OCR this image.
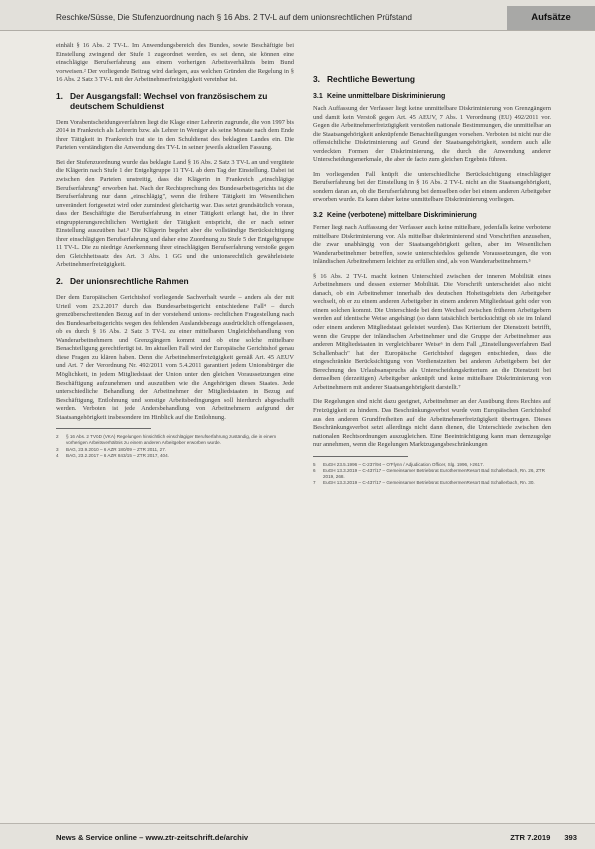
Reschke/Süsse, Die Stufenzuordnung nach § 16 Abs. 2 TV-L auf dem unionsrechtlichen Prüfstand	Aufsätze

einhält § 16 Abs. 2 TV-L. Im Anwendungsbereich des Bundes, sowie Beschäftigte bei Einstellung zwingend der Stufe 1 zugeordnet werden, es sei denn, sie können eine einschlägige Berufserfahrung aus einem vorherigen Arbeitsverhältnis beim Bund vorweisen.² Der vorliegende Beitrag wird darlegen, aus welchen Gründen die Regelung in § 16 Abs. 2 Satz 3 TV-L mit der Arbeitnehmerfreizügigkeit vereinbar ist.

1. Der Ausgangsfall: Wechsel von französischem zu deutschem Schuldienst

Dem Vorabentscheidungsverfahren liegt die Klage einer Lehrerin zugrunde, die von 1997 bis 2014 in Frankreich als Lehrerin bzw. als Lehrer in Weniger als seine Monate nach dem Ende ihrer Tätigkeit in Frankreich trat sie in den Schuldienst des beklagten Landes ein. Die Parteien verständigten die Anwendung des TV-L in seiner jeweils aktuellen Fassung.

Bei der Stufenzuordnung wurde das beklagte Land § 16 Abs. 2 Satz 3 TV-L an und vergütete die Klägerin nach Stufe 1 der Entgeltgruppe 11 TV-L ab dem Tag der Einstellung. Dabei ist zwischen den Parteien unstreitig, dass die Klägerin in Frankreich „einschlägige Berufserfahrung" erworben hat. Nach der Rechtsprechung des Bundesarbeitsgerichts ist die Berufserfahrung nur dann „einschlägig", wenn die frühere Tätigkeit im Wesentlichen unverändert fortgesetzt wird oder zumindest gleichartig war. Das setzt grundsätzlich voraus, dass der Beschäftigte die Berufserfahrung in einer Tätigkeit erlangt hat, die in ihrer eingruppierungsrechtlichen Wertigkeit der Tätigkeit entspricht, die er nach seiner Einstellung auszuüben hat.³ Die Klägerin begehrt aber die vollständige Berücksichtigung ihrer einschlägigen Berufserfahrung und daher eine Zuordnung zu Stufe 5 der Entgeltgruppe 11 TV-L. Die zu niedrige Anerkennung ihrer einschlägigen Berufserfahrung verstoße gegen den Gleichheitssatz des Art. 3 Abs. 1 GG und die unionsrechtlich gewährleistete Arbeitnehmerfreizügigkeit.

2. Der unionsrechtliche Rahmen

Der dem Europäischen Gerichtshof vorliegende Sachverhalt wurde – anders als der mit Urteil vom 23.2.2017 durch das Bundesarbeitsgericht entschiedene Fall⁴ – durch grenzüberschreitenden Bezug auf in der vorstehend unions- rechtlichen Fragestellung nach des Bundesarbeitsgerichts wegen des fehlenden Auslandsbezugs ausdrücklich offengelassen, ob es durch § 16 Abs. 2 Satz 3 TV-L zu einer mittelbaren Ungleichbehandlung von Wanderarbeitnehmern und Grenzgängern kommt und ob eine solche mittelbare Benachteiligung gerechtfertigt ist. Im aktuellen Fall wird der Europäische Gerichtshof genau diese Fragen zu klären haben. Denn die Arbeitnehmerfreizügigkeit gemäß Art. 45 AEUV und Art. 7 der Verordnung Nr. 492/2011 vom 5.4.2011 garantiert jedem Unionsbürger die Möglichkeit, in jedem Mitgliedstaat der Union unter den gleichen Voraussetzungen eine Beschäftigung aufzunehmen und auszuüben wie die Angehörigen dieses Staates. Jede unterschiedliche Behandlung der Arbeitnehmer der Mitgliedstaaten in Bezug auf Beschäftigung, Entlohnung und sonstige Arbeitsbedingungen soll hierdurch abgeschafft werden. Verboten ist jede Andersbehandlung von Arbeitnehmern aufgrund der Staatsangehörigkeit insbesondere im Hinblick auf die Entlohnung.

2	§ 16 Abs. 2 TVöD (VKA) Regelungen hinsichtlich einschlägiger Berufserfahrung zuständig, die in einem vorherigen Arbeitsverhältnis zu einem anderen Arbeitgeber erworben wurde.
3	BAG, 23.9.2010 – 6 AZR 180/09 – ZTR 2011, 27.
4	BAG, 23.2.2017 – 6 AZR 843/15 – ZTR 2017, 404.
3. Rechtliche Bewertung
3.1 Keine unmittelbare Diskriminierung

Nach Auffassung der Verfasser liegt keine unmittelbare Diskriminierung von Grenzgängern und damit kein Verstoß gegen Art. 45 AEUV, 7 Abs. 1 Verordnung (EU) 492/2011 vor. Gegen die Arbeitnehmerfreizügigkeit verstoßen nationale Bestimmungen, die unmittelbar an die Staatsangehörigkeit anknüpfende Benachteiligungen vorsehen. Verboten ist nicht nur die offensichtliche Diskriminierung auf Grund der Staatsangehörigkeit, sondern auch alle verdeckten Formen der Diskriminierung, die durch die Anwendung anderer Unterscheidungsmerkmale, die aber de facto zum gleichen Ergebnis führen.

Im vorliegenden Fall knüpft die unterschiedliche Berücksichtigung einschlägiger Berufserfahrung bei der Einstellung in § 16 Abs. 2 TV-L nicht an die Staatsangehörigkeit, sondern daran an, ob die Berufserfahrung bei demselben oder bei einem anderen Arbeitgeber erworben wurde. Es kann daher keine unmittelbare Diskriminierung vorliegen.

3.2 Keine (verbotene) mittelbare Diskriminierung

Ferner liegt nach Auffassung der Verfasser auch keine mittelbare, jedenfalls keine verbotene mittelbare Diskriminierung vor. Als mittelbar diskriminierend sind Vorschriften anzusehen, die zwar unabhängig von der Staatsangehörigkeit gelten, aber im Wesentlichen Wanderarbeitnehmer betreffen, sowie unterschiedslos geltende Voraussetzungen, die von inländischen Arbeitnehmern leichter zu erfüllen sind, als von Wanderarbeitnehmern.⁵

§ 16 Abs. 2 TV-L macht keinen Unterschied zwischen der inneren Mobilität eines Arbeitnehmers und dessen externer Mobilität. Die Vorschrift unterscheidet also nicht danach, ob ein Arbeitnehmer innerhalb des deutschen Hoheitsgebiets den Arbeitgeber wechselt, ob er zu einem anderen Arbeitgeber in einem anderen Mitgliedstaat geht oder von einem solchen kommt. Die Unterschiede bei dem Wechsel zwischen früheren Arbeitgebern werden auf identische Weise angehängt (so dann tatsächlich berücksichtigt ob sie im Inland oder einem anderen Mitgliedstaat geleistet wurden). Das Kriterium der Dienstzeit betrifft, wenn die Gruppe der inländischen Arbeitnehmer und die Gruppe der Arbeitnehmer aus anderen Mitgliedstaaten in vergleichbarer Weise⁶ in dem Fall „Einstellungsverfahren Bad Schallenbach" hat der Europäische Gerichtshof dagegen entschieden, dass die eingeschränkte Berücksichtigung von Vordienstzeiten bei anderen Arbeitgebern bei der Berechnung des Urlaubsanspruchs als Unterscheidungskriterium an die Dienstzeit bei demselben (derzeitigen) Arbeitgeber anknüpft und keine mittelbare Diskriminierung von Arbeitnehmern mit anderer Staatsangehörigkeit darstellt.⁷

Die Regelungen sind nicht dazu geeignet, Arbeitnehmer an der Ausübung ihres Rechtes auf Freizügigkeit zu hindern. Das Beschränkungsverbot wurde vom Europäischen Gerichtshof aus den anderen Grundfreiheiten auf die Arbeitnehmerfreizügigkeit übertragen. Dieses Beschränkungsverbot setzt allerdings nicht dann dienen, die Unterschiede zwischen den nationalen Rechtsordnungen auszugleichen. Eine Beeinträchtigung kann man demzugolge nur annehmen, wenn die Regelungen Marktzugangsbeschränkungen

5	EuGH 23.5.1996 – C-237/94 – O'Flynn / Adjudication Officer, Slg. 1996, I-2617.
6	EuGH 13.3.2019 – C-437/17 – Gemeinsamer Betriebsrat EurothermenResort Bad Schallerbach, Rn. 26, ZTR 2019, 268.
7	EuGH 13.3.2019 – C-437/17 – Gemeinsamer Betriebsrat EurothermenResort Bad Schallerbach, Rn. 30.
News & Service online – www.ztr-zeitschrift.de/archiv	ZTR 7.2019 393
